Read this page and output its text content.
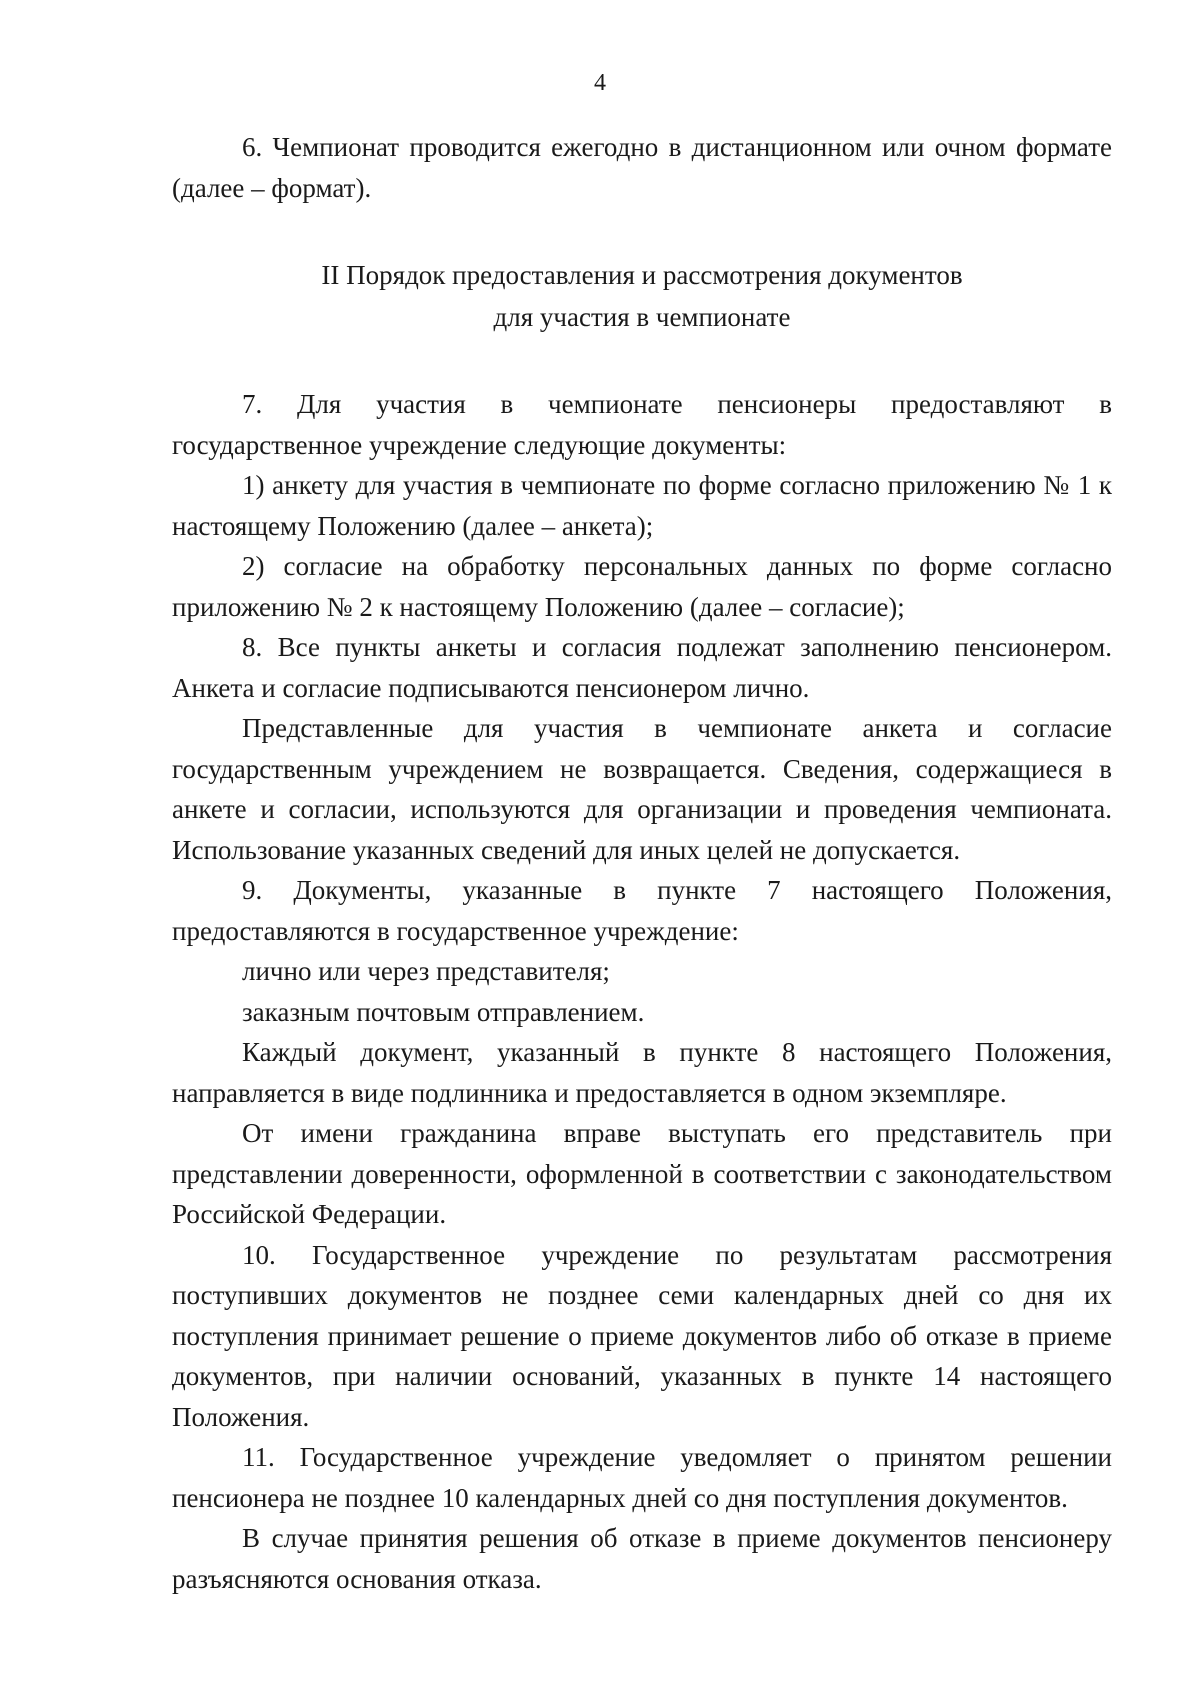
4

6. Чемпионат проводится ежегодно в дистанционном или очном формате (далее – формат).

II Порядок предоставления и рассмотрения документов
для участия в чемпионате

7. Для участия в чемпионате пенсионеры предоставляют в государственное учреждение следующие документы:

1) анкету для участия в чемпионате по форме согласно приложению № 1 к настоящему Положению (далее – анкета);

2) согласие на обработку персональных данных по форме согласно приложению № 2 к настоящему Положению (далее – согласие);

8. Все пункты анкеты и согласия подлежат заполнению пенсионером. Анкета и согласие подписываются пенсионером лично.

Представленные для участия в чемпионате анкета и согласие государственным учреждением не возвращается. Сведения, содержащиеся в анкете и согласии, используются для организации и проведения чемпионата. Использование указанных сведений для иных целей не допускается.

9. Документы, указанные в пункте 7 настоящего Положения, предоставляются в государственное учреждение:

лично или через представителя;

заказным почтовым отправлением.

Каждый документ, указанный в пункте 8 настоящего Положения, направляется в виде подлинника и предоставляется в одном экземпляре.

От имени гражданина вправе выступать его представитель при представлении доверенности, оформленной в соответствии с законодательством Российской Федерации.

10. Государственное учреждение по результатам рассмотрения поступивших документов не позднее семи календарных дней со дня их поступления принимает решение о приеме документов либо об отказе в приеме документов, при наличии оснований, указанных в пункте 14 настоящего Положения.

11. Государственное учреждение уведомляет о принятом решении пенсионера не позднее 10 календарных дней со дня поступления документов.

В случае принятия решения об отказе в приеме документов пенсионеру разъясняются основания отказа.
